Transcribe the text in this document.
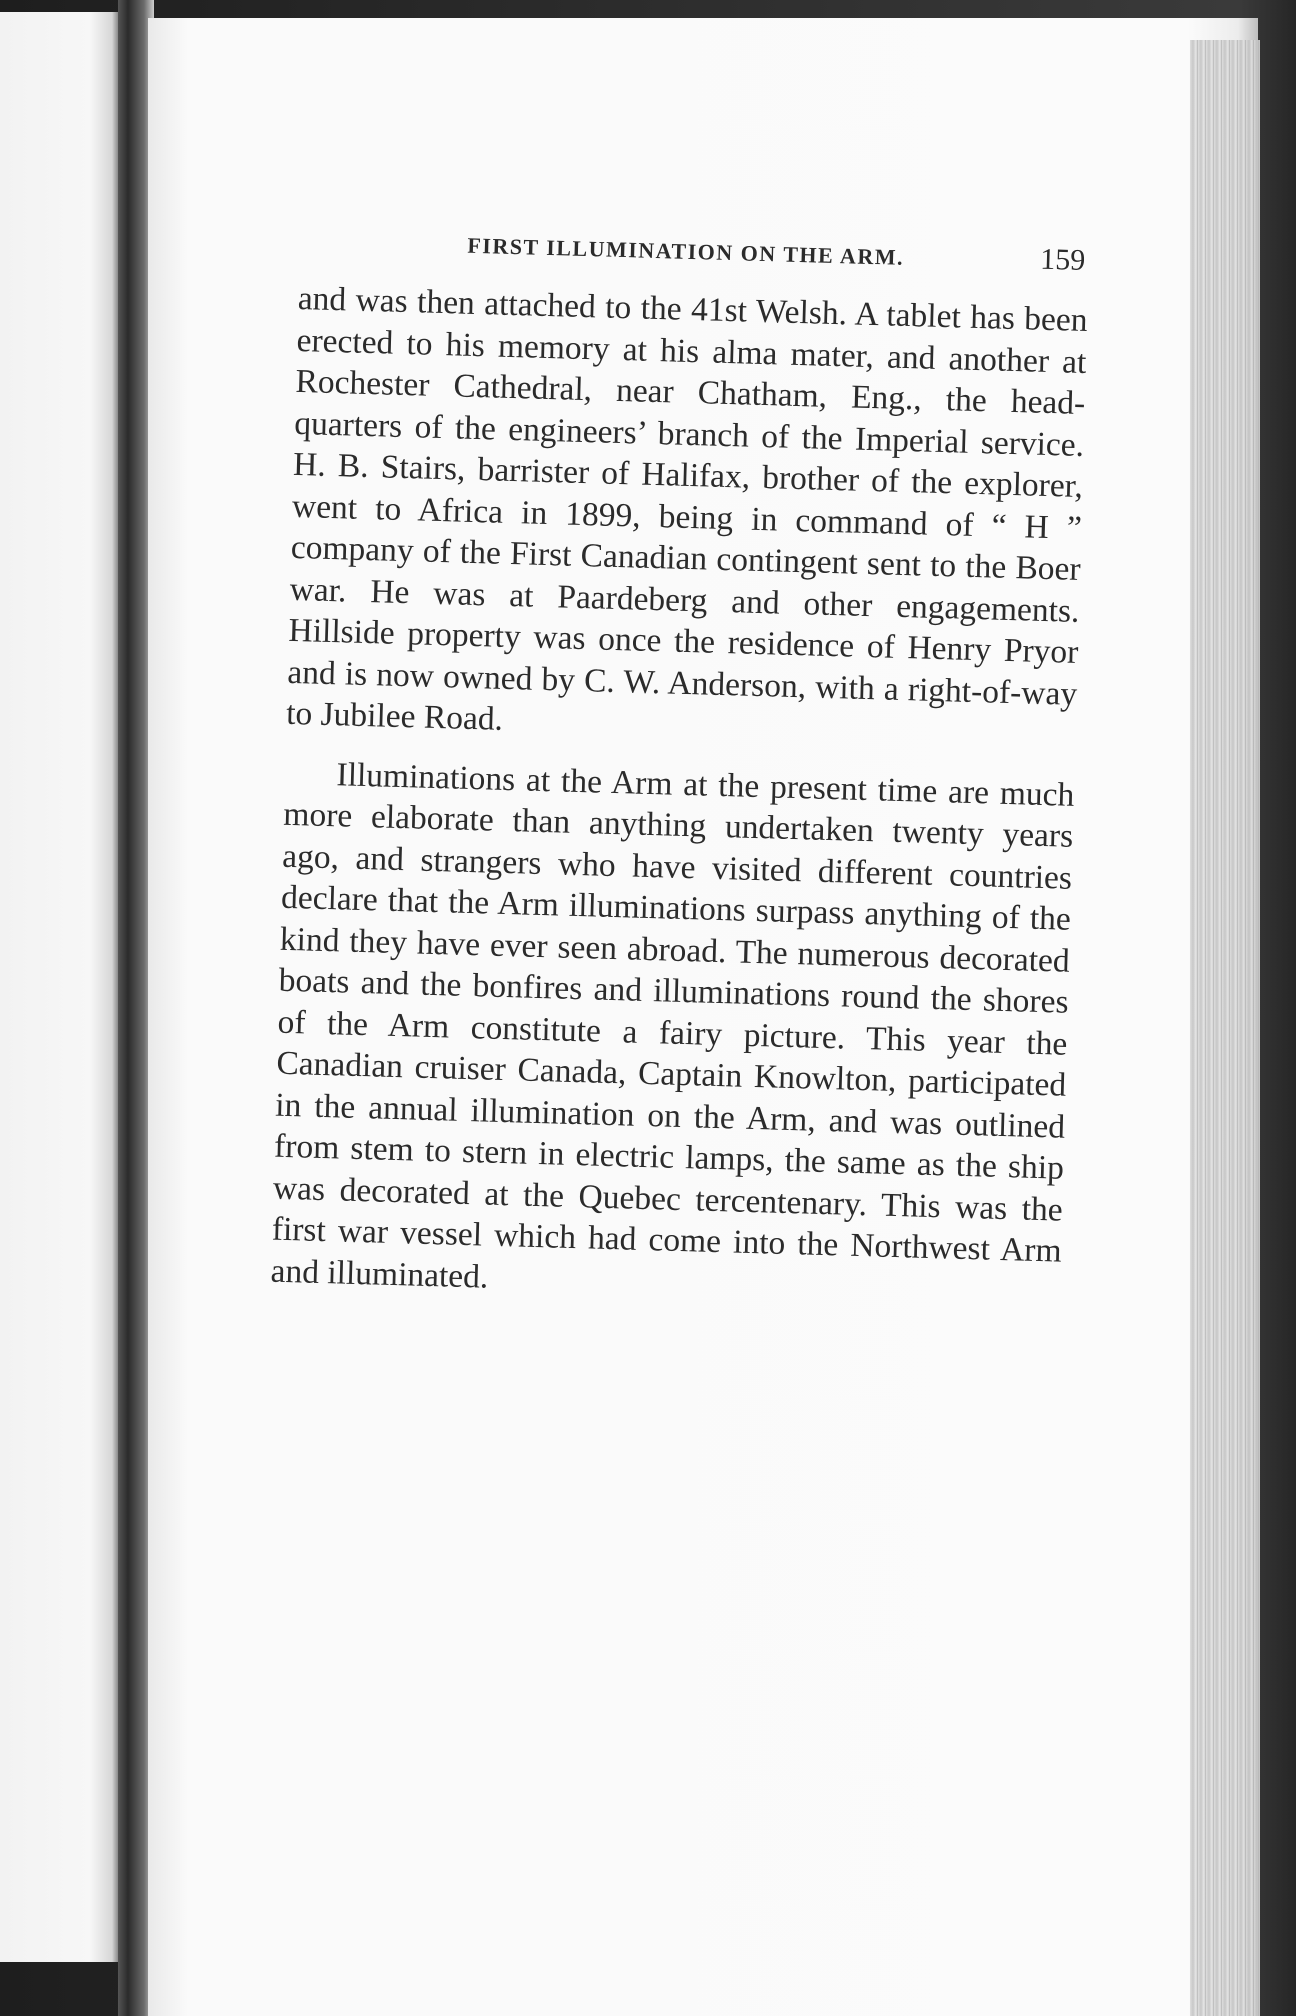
FIRST ILLUMINATION ON THE ARM.	159

and was then attached to the 41st Welsh. A tablet has been erected to his memory at his alma mater, and another at Rochester Cathedral, near Chatham, Eng., the head-quarters of the engineers’ branch of the Imperial service. H. B. Stairs, barrister of Halifax, brother of the explorer, went to Africa in 1899, being in command of “ H ” company of the First Canadian contingent sent to the Boer war. He was at Paardeberg and other engagements. Hillside property was once the residence of Henry Pryor and is now owned by C. W. Anderson, with a right-of-way to Jubilee Road.

Illuminations at the Arm at the present time are much more elaborate than anything undertaken twenty years ago, and strangers who have visited different countries declare that the Arm illuminations surpass anything of the kind they have ever seen abroad. The numerous decorated boats and the bonfires and illuminations round the shores of the Arm constitute a fairy picture. This year the Canadian cruiser Canada, Captain Knowlton, participated in the annual illumination on the Arm, and was outlined from stem to stern in electric lamps, the same as the ship was decorated at the Quebec tercentenary. This was the first war vessel which had come into the Northwest Arm and illuminated.
